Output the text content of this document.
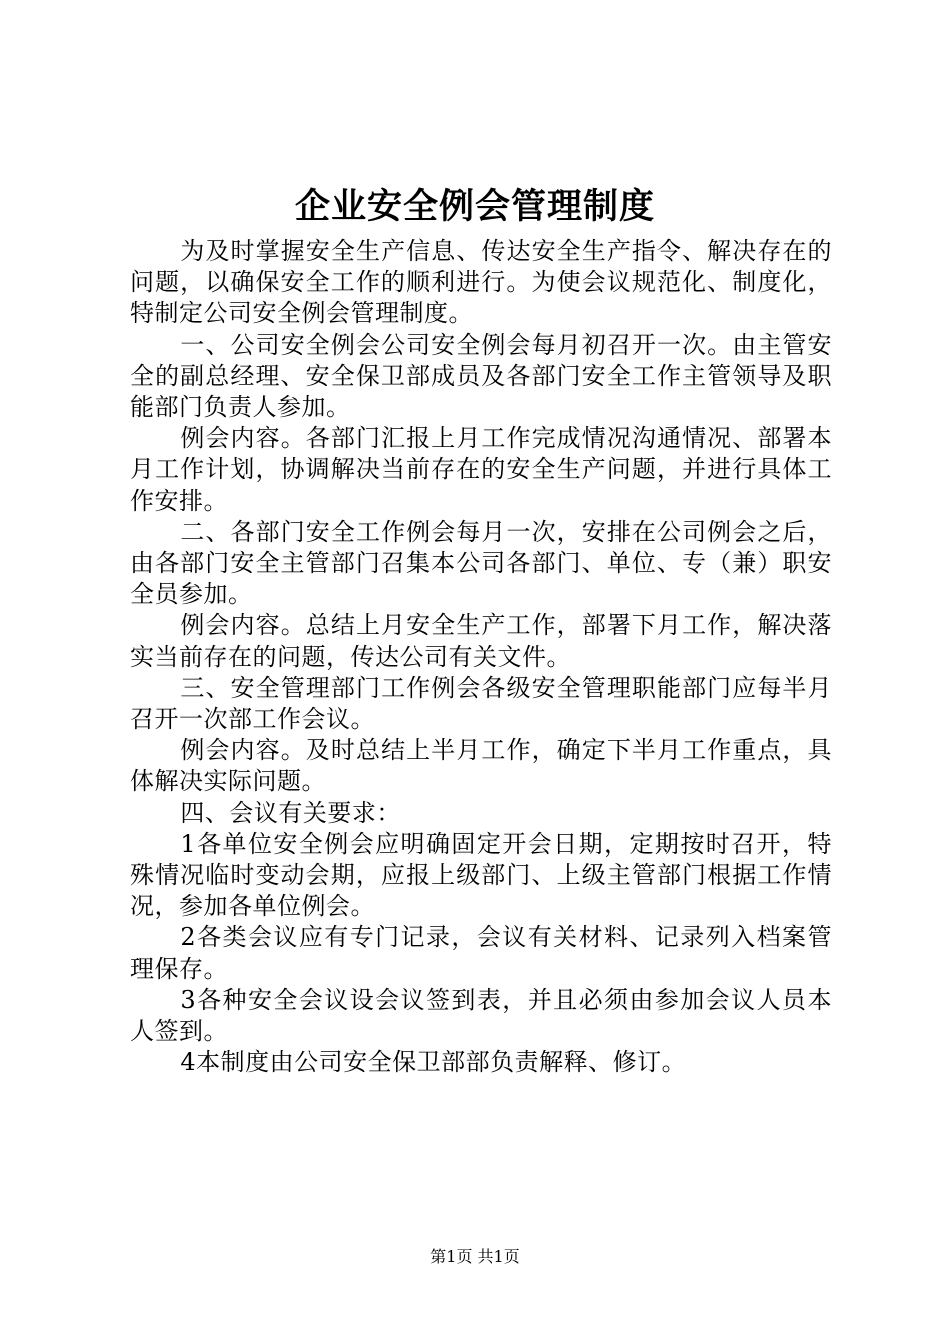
企业安全例会管理制度

为及时掌握安全生产信息、传达安全生产指令、解决存在的问题，以确保安全工作的顺利进行。为使会议规范化、制度化，特制定公司安全例会管理制度。

一、公司安全例会公司安全例会每月初召开一次。由主管安全的副总经理、安全保卫部成员及各部门安全工作主管领导及职能部门负责人参加。

例会内容。各部门汇报上月工作完成情况沟通情况、部署本月工作计划，协调解决当前存在的安全生产问题，并进行具体工作安排。

二、各部门安全工作例会每月一次，安排在公司例会之后，由各部门安全主管部门召集本公司各部门、单位、专（兼）职安全员参加。

例会内容。总结上月安全生产工作，部署下月工作，解决落实当前存在的问题，传达公司有关文件。

三、安全管理部门工作例会各级安全管理职能部门应每半月召开一次部工作会议。

例会内容。及时总结上半月工作，确定下半月工作重点，具体解决实际问题。

四、会议有关要求：

1各单位安全例会应明确固定开会日期，定期按时召开，特殊情况临时变动会期，应报上级部门、上级主管部门根据工作情况，参加各单位例会。

2各类会议应有专门记录，会议有关材料、记录列入档案管理保存。

3各种安全会议设会议签到表，并且必须由参加会议人员本人签到。

4本制度由公司安全保卫部部负责解释、修订。

第1页 共1页
